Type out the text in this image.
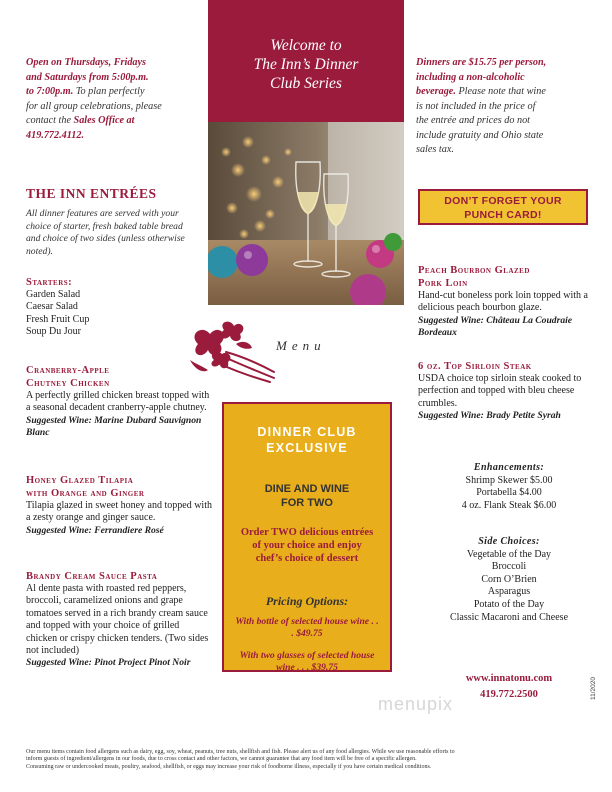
Welcome to
The Inn’s Dinner
Club Series
Open on Thursdays, Fridays
and Saturdays from 5:00p.m.
to 7:00p.m. To plan perfectly
for all group celebrations, please
contact the Sales Office at
419.772.4112.
Dinners are $15.75 per person,
including a non-alcoholic
beverage. Please note that wine
is not included in the price of
the entrée and prices do not
include gratuity and Ohio state
sales tax.
DON’T FORGET YOUR
PUNCH CARD!
THE INN ENTRÉES
All dinner features are served with your choice of starter, fresh baked table bread and choice of two sides (unless otherwise noted).
Starters:
Garden Salad
Caesar Salad
Fresh Fruit Cup
Soup Du Jour
Menu
Cranberry-Apple
Chutney Chicken
A perfectly grilled chicken breast topped with a seasonal decadent cranberry-apple chutney.
Suggested Wine: Marine Dubard Sauvignon Blanc
Honey Glazed Tilapia
with Orange and Ginger
Tilapia glazed in sweet honey and topped with a zesty orange and ginger sauce.
Suggested Wine: Ferrandiere Rosé
Brandy Cream Sauce Pasta
Al dente pasta with roasted red peppers, broccoli, caramelized onions and grape tomatoes served in a rich brandy cream sauce and topped with your choice of grilled chicken or crispy chicken tenders. (Two sides not included)
Suggested Wine: Pinot Project Pinot Noir
Peach Bourbon Glazed
Pork Loin
Hand-cut boneless pork loin topped with a delicious peach bourbon glaze.
Suggested Wine: Château La Coudraie Bordeaux
6 oz. Top Sirloin Steak
USDA choice top sirloin steak cooked to perfection and topped with bleu cheese crumbles.
Suggested Wine: Brady Petite Syrah
DINNER CLUB
EXCLUSIVE
DINE AND WINE
FOR TWO
Order TWO delicious entrées of your choice and enjoy chef’s choice of dessert
Pricing Options:
With bottle of selected house wine . . . $49.75
With two glasses of selected house wine . . . $39.75
Enhancements:
Shrimp Skewer $5.00
Portabella $4.00
4 oz. Flank Steak $6.00
Side Choices:
Vegetable of the Day
Broccoli
Corn O’Brien
Asparagus
Potato of the Day
Classic Macaroni and Cheese
www.innatonu.com
419.772.2500
menupix
11/2020
Our menu items contain food allergens such as dairy, egg, soy, wheat, peanuts, tree nuts, shellfish and fish. Please alert us of any food allergies. While we use reasonable efforts to
inform guests of ingredient/allergens in our foods, due to cross contact and other factors, we cannot guarantee that any food item will be free of a specific allergen.
Consuming raw or undercooked meats, poultry, seafood, shellfish, or eggs may increase your risk of foodborne illness, especially if you have certain medical conditions.
